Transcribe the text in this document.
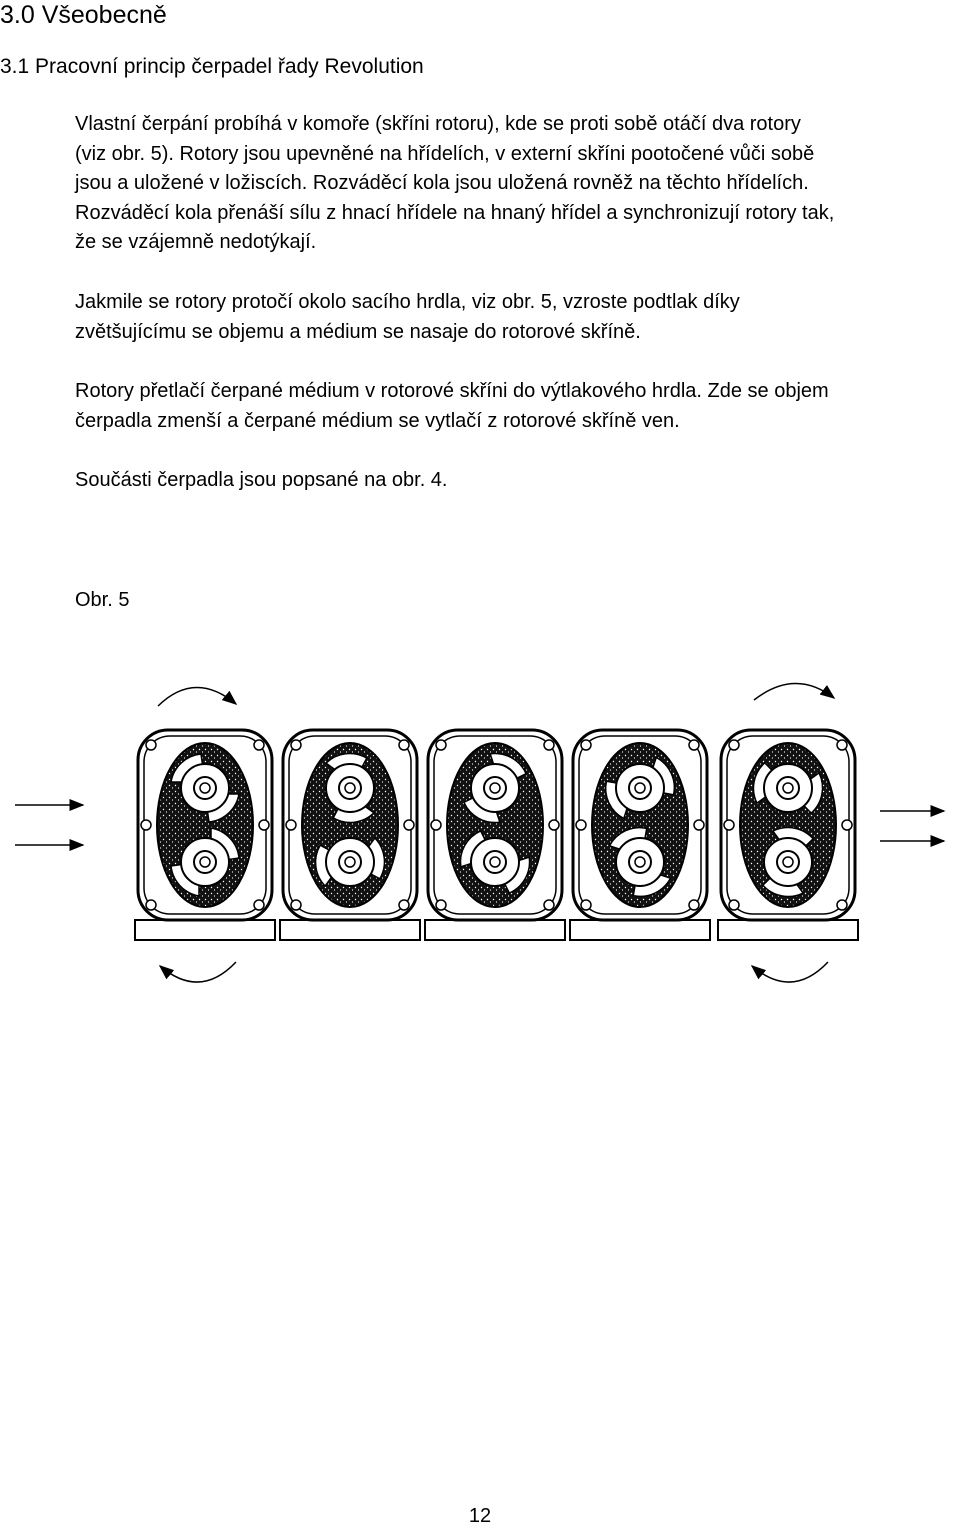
3.0 Všeobecně
3.1 Pracovní princip čerpadel řady Revolution
Vlastní čerpání probíhá v komoře (skříni rotoru), kde se proti sobě otáčí dva rotory
(viz obr. 5). Rotory jsou upevněné na hřídelích, v externí skříni pootočené vůči sobě
jsou a uložené v ložiscích. Rozváděcí kola jsou uložená rovněž na těchto hřídelích.
Rozváděcí kola přenáší sílu z hnací hřídele na hnaný hřídel a synchronizují rotory tak,
že se vzájemně nedotýkají.
Jakmile se rotory protočí okolo sacího hrdla, viz obr. 5, vzroste podtlak díky
zvětšujícímu se objemu a médium se nasaje do rotorové skříně.
Rotory přetlačí čerpané médium v rotorové skříni do výtlakového hrdla. Zde se objem
čerpadla zmenší a čerpané médium se vytlačí z rotorové skříně ven.
Součásti čerpadla jsou popsané na obr. 4.

Obr. 5

12
